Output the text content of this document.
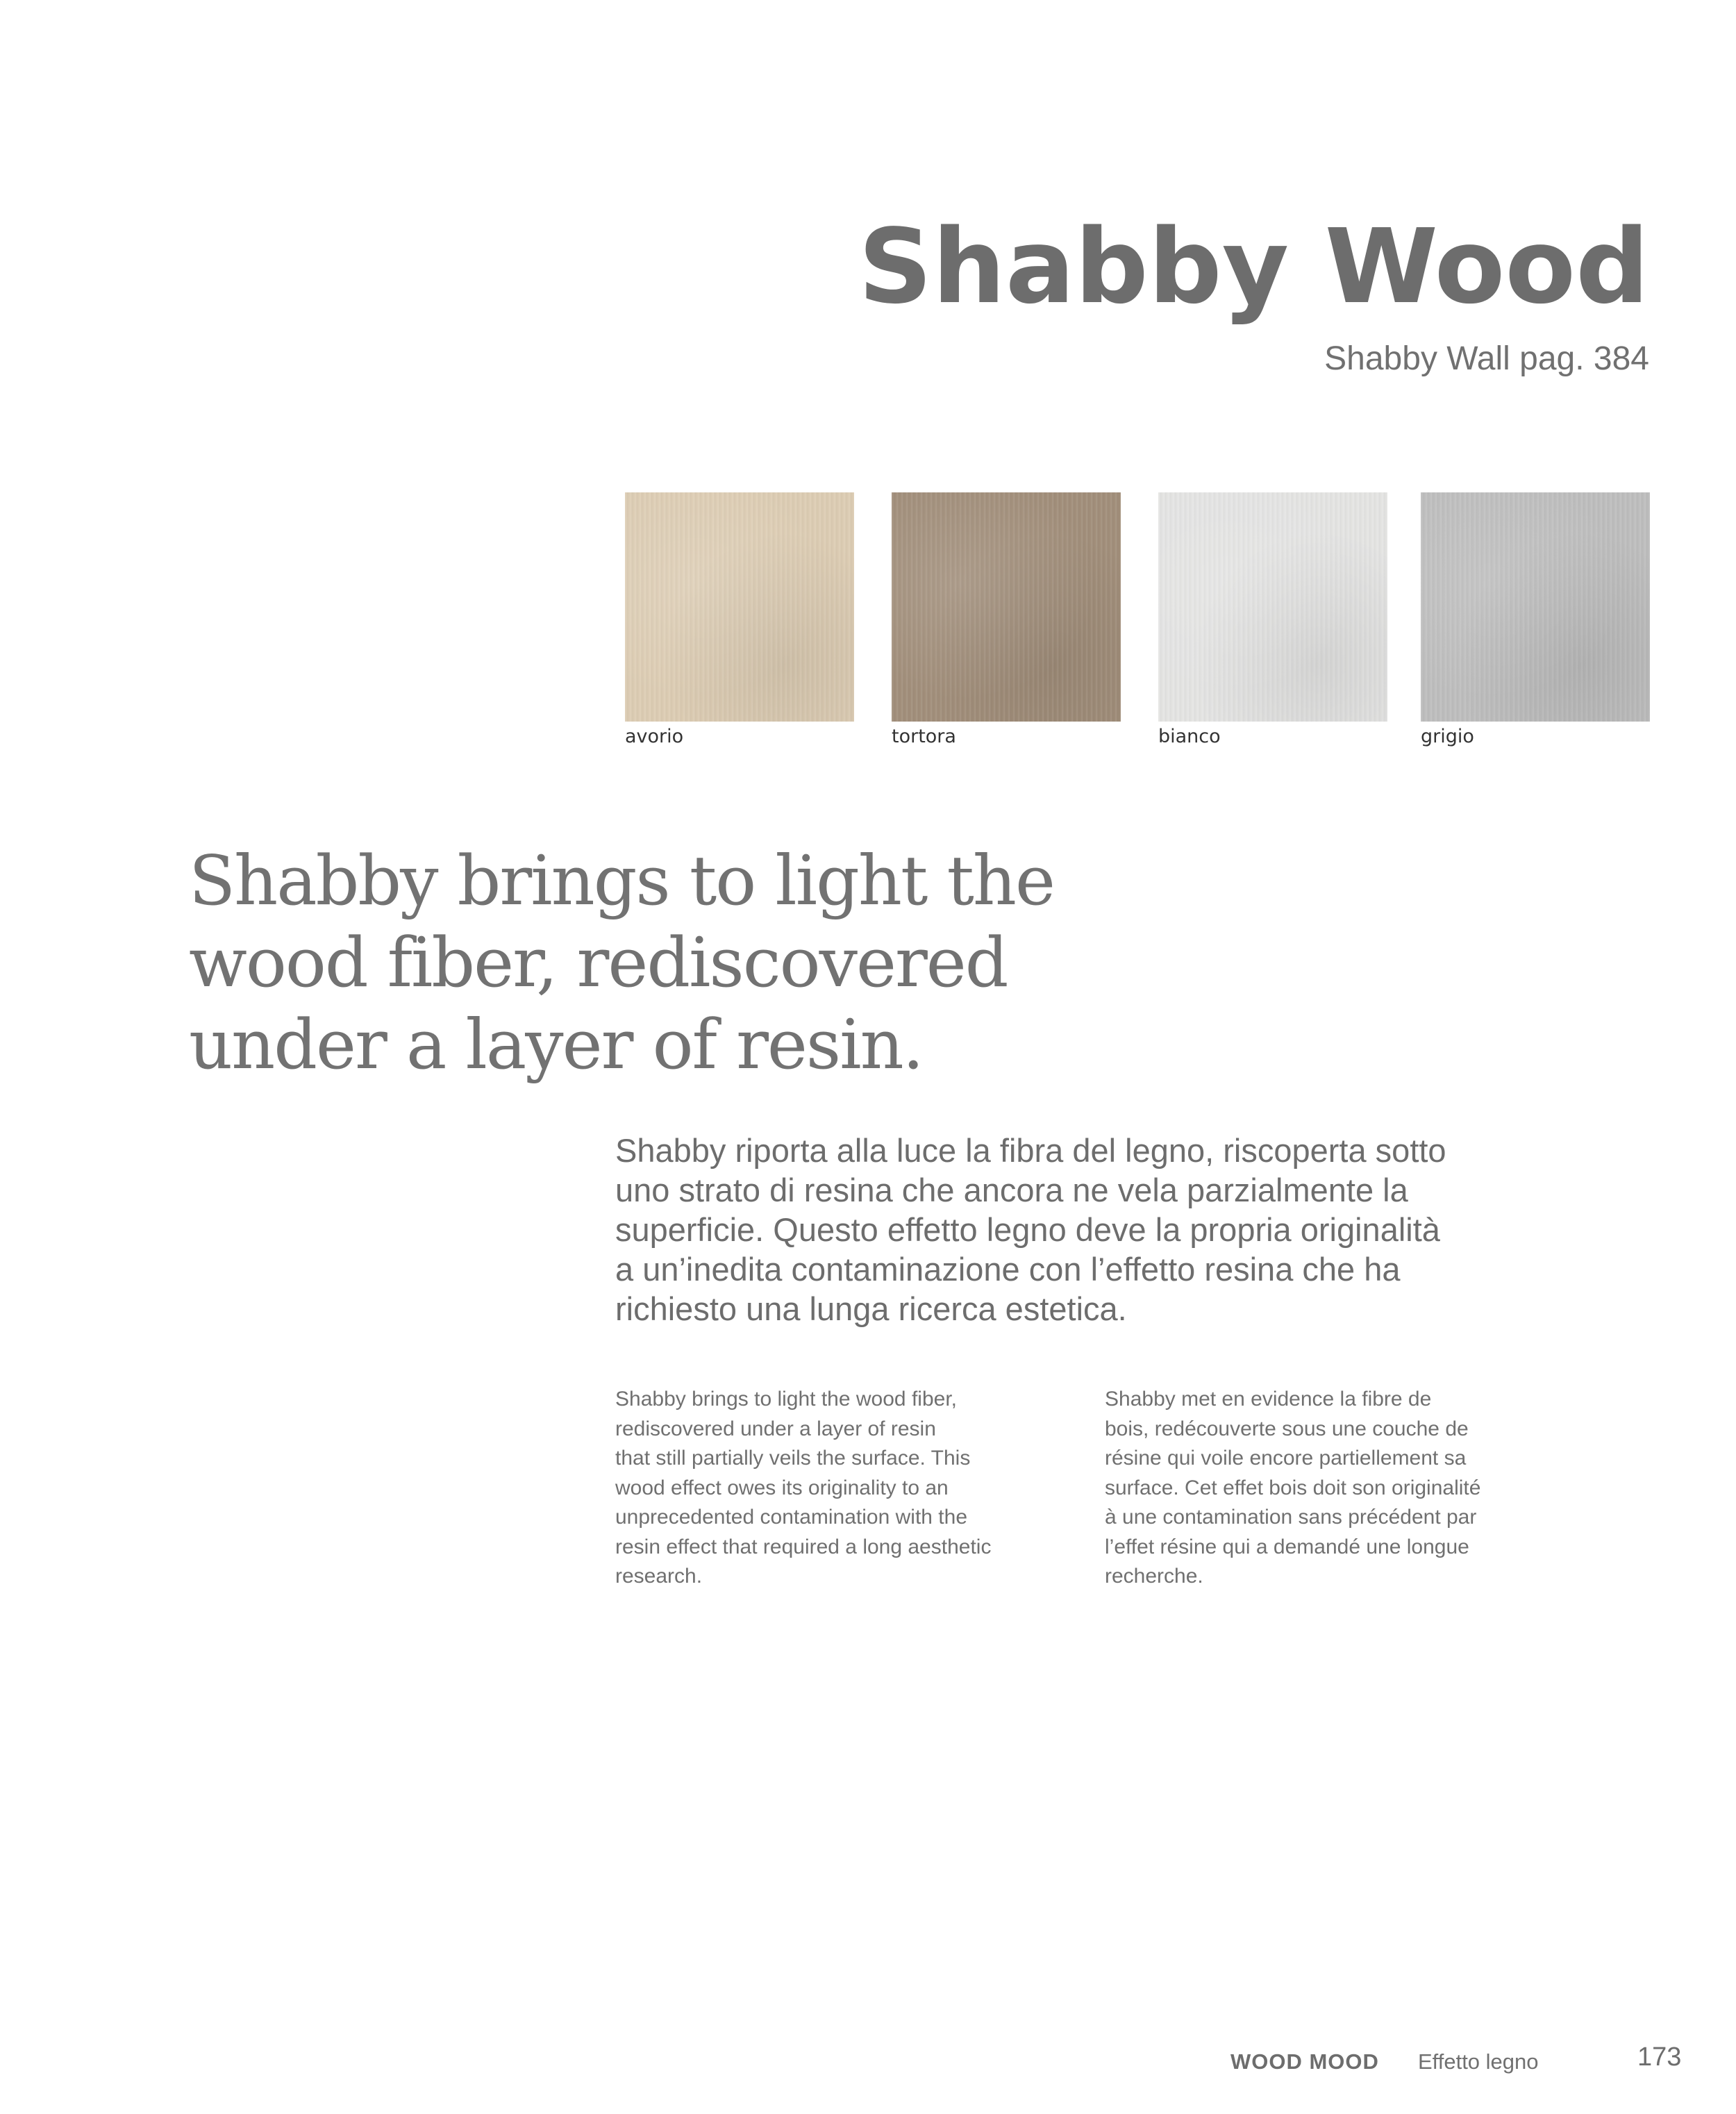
Shabby Wood
Shabby Wall pag. 384
avorio	tortora	bianco	grigio
Shabby brings to light the
wood fiber, rediscovered
under a layer of resin.
Shabby riporta alla luce la fibra del legno, riscoperta sotto
uno strato di resina che ancora ne vela parzialmente la
superficie. Questo effetto legno deve la propria originalità
a un’inedita contaminazione con l’effetto resina che ha
richiesto una lunga ricerca estetica.
Shabby brings to light the wood fiber,
rediscovered under a layer of resin
that still partially veils the surface. This
wood effect owes its originality to an
unprecedented contamination with the
resin effect that required a long aesthetic
research.
Shabby met en evidence la fibre de
bois, redécouverte sous une couche de
résine qui voile encore partiellement sa
surface. Cet effet bois doit son originalité
à une contamination sans précédent par
l’effet résine qui a demandé une longue
recherche.
WOOD MOOD Effetto legno	173
